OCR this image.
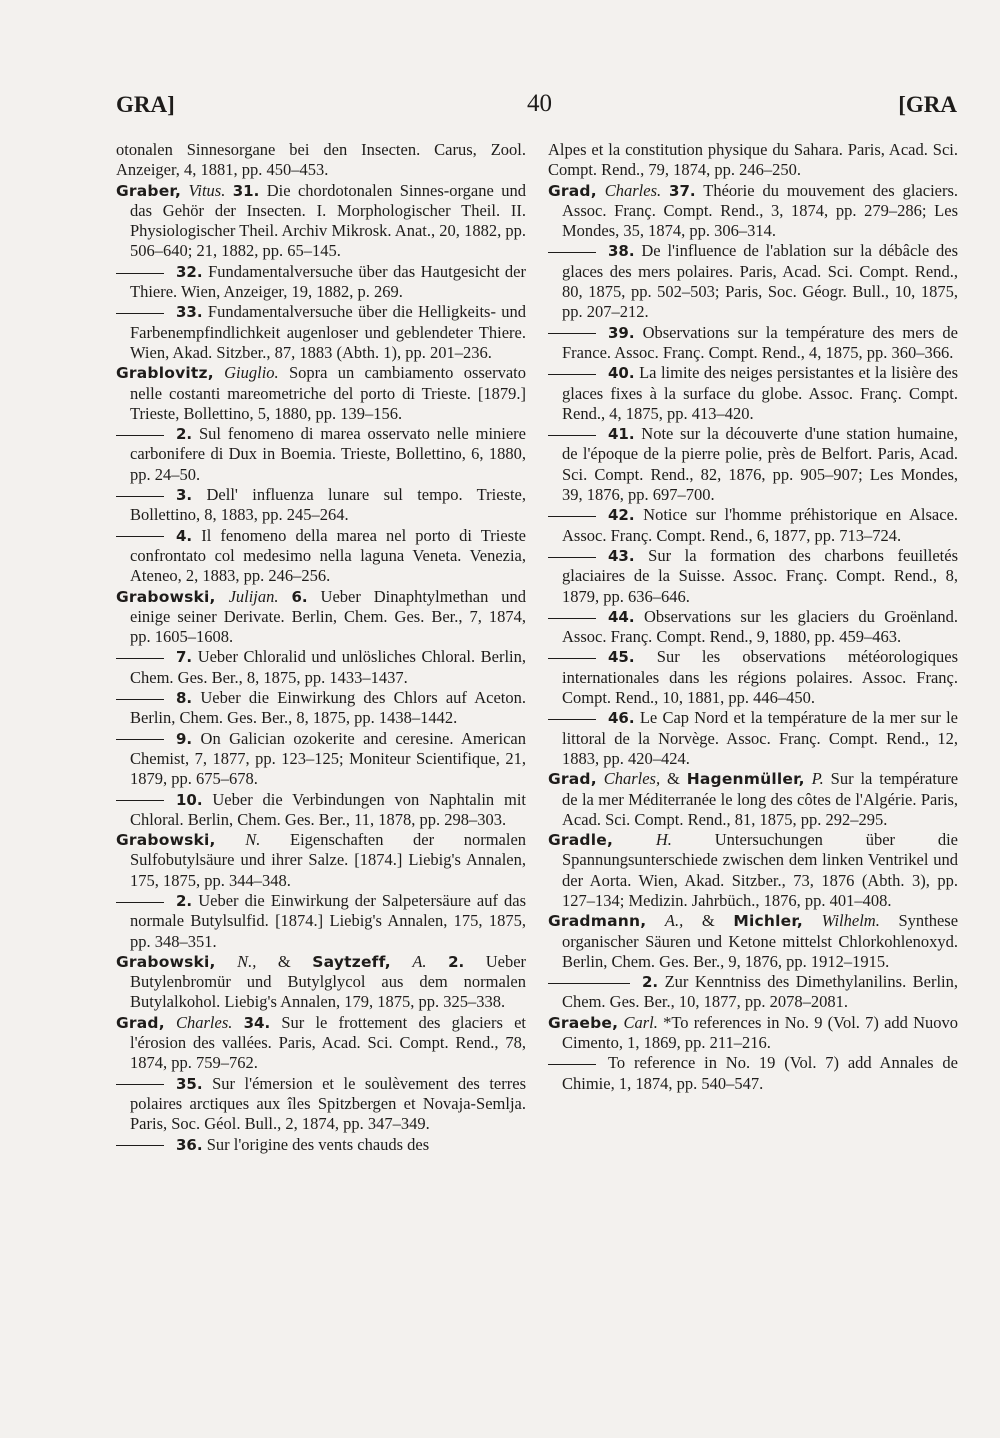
GRA]	40	[GRA

otonalen Sinnesorgane bei den Insecten. Carus, Zool. Anzeiger, 4, 1881, pp. 450–453.

Graber, Vitus. 31. Die chordotonalen Sinnes-organe und das Gehör der Insecten. I. Morphologischer Theil. II. Physiologischer Theil. Archiv Mikrosk. Anat., 20, 1882, pp. 506–640; 21, 1882, pp. 65–145.

32. Fundamentalversuche über das Hautgesicht der Thiere. Wien, Anzeiger, 19, 1882, p. 269.

33. Fundamentalversuche über die Helligkeits- und Farbenempfindlichkeit augenloser und geblendeter Thiere. Wien, Akad. Sitzber., 87, 1883 (Abth. 1), pp. 201–236.

Grablovitz, Giuglio. Sopra un cambiamento osservato nelle costanti mareometriche del porto di Trieste. [1879.] Trieste, Bollettino, 5, 1880, pp. 139–156.

2. Sul fenomeno di marea osservato nelle miniere carbonifere di Dux in Boemia. Trieste, Bollettino, 6, 1880, pp. 24–50.

3. Dell' influenza lunare sul tempo. Trieste, Bollettino, 8, 1883, pp. 245–264.

4. Il fenomeno della marea nel porto di Trieste confrontato col medesimo nella laguna Veneta. Venezia, Ateneo, 2, 1883, pp. 246–256.

Grabowski, Julijan. 6. Ueber Dinaphtylmethan und einige seiner Derivate. Berlin, Chem. Ges. Ber., 7, 1874, pp. 1605–1608.

7. Ueber Chloralid und unlösliches Chloral. Berlin, Chem. Ges. Ber., 8, 1875, pp. 1433–1437.

8. Ueber die Einwirkung des Chlors auf Aceton. Berlin, Chem. Ges. Ber., 8, 1875, pp. 1438–1442.

9. On Galician ozokerite and ceresine. American Chemist, 7, 1877, pp. 123–125; Moniteur Scientifique, 21, 1879, pp. 675–678.

10. Ueber die Verbindungen von Naphtalin mit Chloral. Berlin, Chem. Ges. Ber., 11, 1878, pp. 298–303.

Grabowski, N. Eigenschaften der normalen Sulfobutylsäure und ihrer Salze. [1874.] Liebig's Annalen, 175, 1875, pp. 344–348.

2. Ueber die Einwirkung der Salpetersäure auf das normale Butylsulfid. [1874.] Liebig's Annalen, 175, 1875, pp. 348–351.

Grabowski, N., & Saytzeff, A. 2. Ueber Butylenbromür und Butylglycol aus dem normalen Butylalkohol. Liebig's Annalen, 179, 1875, pp. 325–338.

Grad, Charles. 34. Sur le frottement des glaciers et l'érosion des vallées. Paris, Acad. Sci. Compt. Rend., 78, 1874, pp. 759–762.

35. Sur l'émersion et le soulèvement des terres polaires arctiques aux îles Spitzbergen et Novaja-Semlja. Paris, Soc. Géol. Bull., 2, 1874, pp. 347–349.

36. Sur l'origine des vents chauds des

Alpes et la constitution physique du Sahara. Paris, Acad. Sci. Compt. Rend., 79, 1874, pp. 246–250.

Grad, Charles. 37. Théorie du mouvement des glaciers. Assoc. Franç. Compt. Rend., 3, 1874, pp. 279–286; Les Mondes, 35, 1874, pp. 306–314.

38. De l'influence de l'ablation sur la débâcle des glaces des mers polaires. Paris, Acad. Sci. Compt. Rend., 80, 1875, pp. 502–503; Paris, Soc. Géogr. Bull., 10, 1875, pp. 207–212.

39. Observations sur la température des mers de France. Assoc. Franç. Compt. Rend., 4, 1875, pp. 360–366.

40. La limite des neiges persistantes et la lisière des glaces fixes à la surface du globe. Assoc. Franç. Compt. Rend., 4, 1875, pp. 413–420.

41. Note sur la découverte d'une station humaine, de l'époque de la pierre polie, près de Belfort. Paris, Acad. Sci. Compt. Rend., 82, 1876, pp. 905–907; Les Mondes, 39, 1876, pp. 697–700.

42. Notice sur l'homme préhistorique en Alsace. Assoc. Franç. Compt. Rend., 6, 1877, pp. 713–724.

43. Sur la formation des charbons feuilletés glaciaires de la Suisse. Assoc. Franç. Compt. Rend., 8, 1879, pp. 636–646.

44. Observations sur les glaciers du Groënland. Assoc. Franç. Compt. Rend., 9, 1880, pp. 459–463.

45. Sur les observations météorologiques internationales dans les régions polaires. Assoc. Franç. Compt. Rend., 10, 1881, pp. 446–450.

46. Le Cap Nord et la température de la mer sur le littoral de la Norvège. Assoc. Franç. Compt. Rend., 12, 1883, pp. 420–424.

Grad, Charles, & Hagenmüller, P. Sur la température de la mer Méditerranée le long des côtes de l'Algérie. Paris, Acad. Sci. Compt. Rend., 81, 1875, pp. 292–295.

Gradle,	H.	Untersuchungen über die Spannungsunterschiede zwischen dem linken Ventrikel und der Aorta. Wien, Akad. Sitzber., 73, 1876 (Abth. 3), pp. 127–134; Medizin. Jahrbüch., 1876, pp. 401–408.

Gradmann, A., & Michler, Wilhelm. Synthese organischer Säuren und Ketone mittelst Chlorkohlenoxyd. Berlin, Chem. Ges. Ber., 9, 1876, pp. 1912–1915.

2. Zur Kenntniss des Dimethylanilins. Berlin, Chem. Ges. Ber., 10, 1877, pp. 2078–2081.

Graebe, Carl. *To references in No. 9 (Vol. 7) add Nuovo Cimento, 1, 1869, pp. 211–216.

To reference in No. 19 (Vol. 7) add Annales de Chimie, 1, 1874, pp. 540–547.
